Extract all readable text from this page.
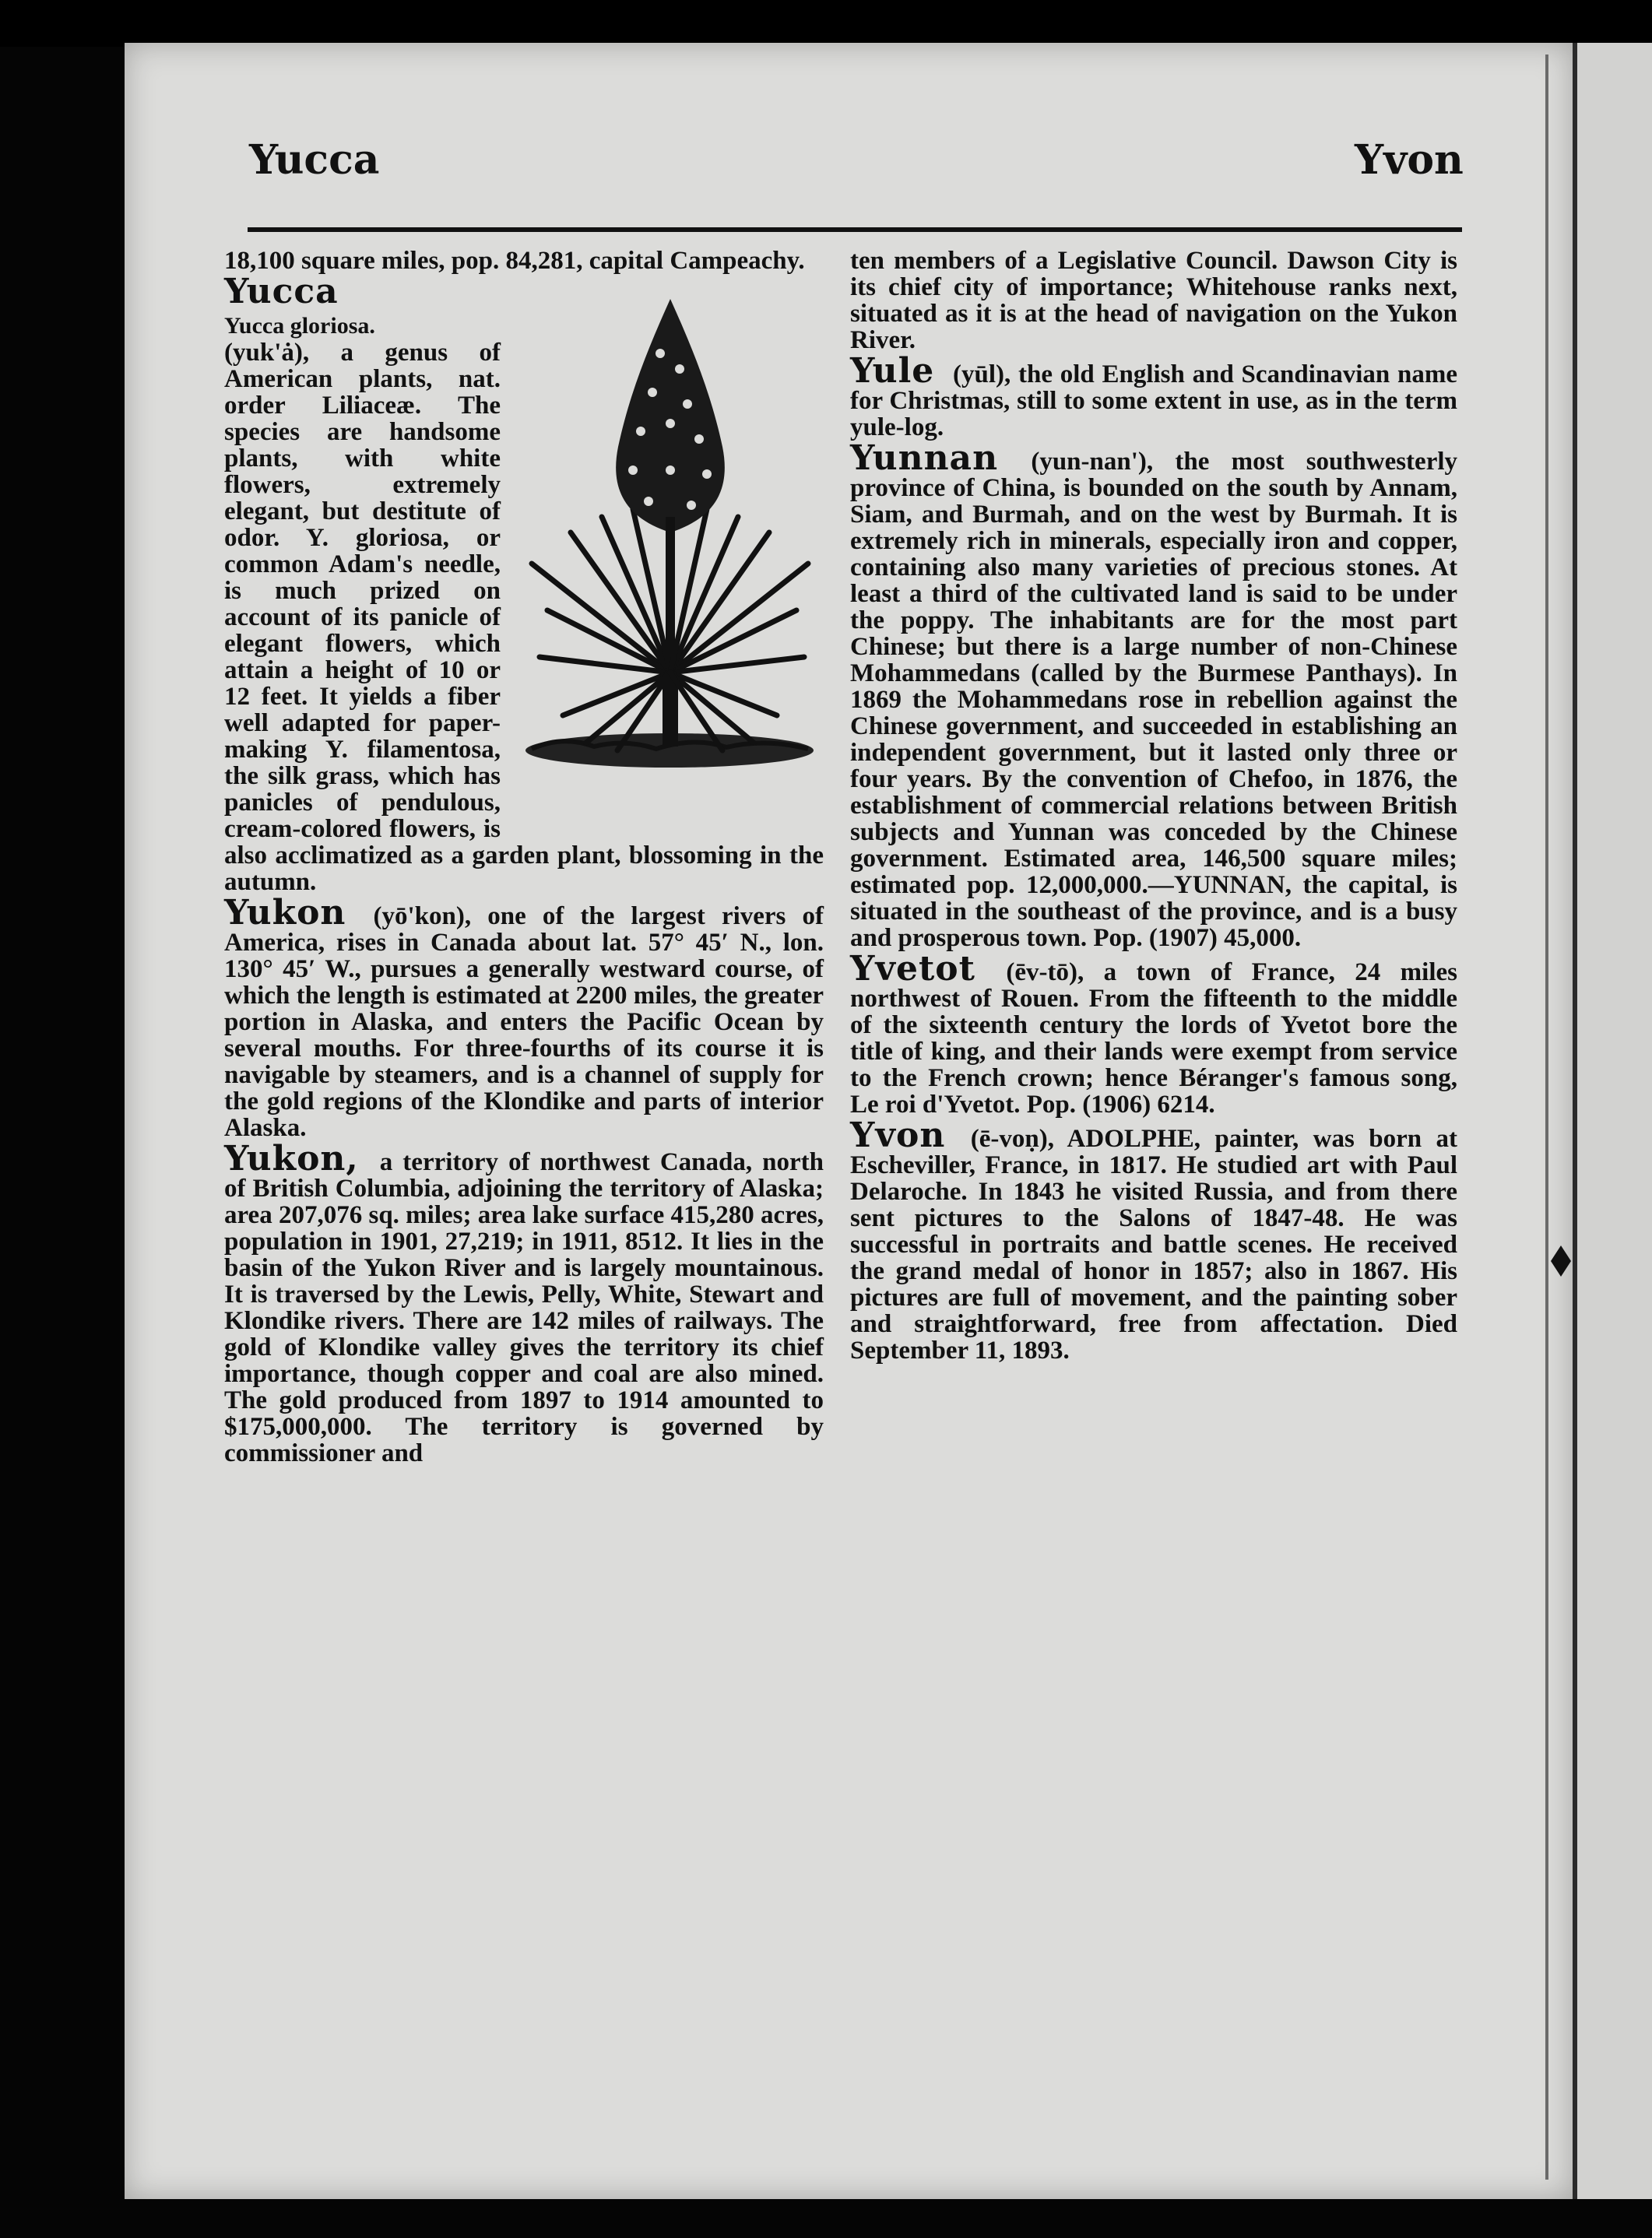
Yucca	Yvon

18,100 square miles, pop. 84,281, capital Campeachy.

Yucca

Yucca gloriosa.
(yuk'ȧ), a genus of American plants, nat. order Liliaceæ. The species are handsome plants, with white flowers, extremely elegant, but destitute of odor. Y. gloriosa, or common Adam's needle, is much prized on account of its panicle of elegant flowers, which attain a height of 10 or 12 feet. It yields a fiber well adapted for paper-making Y. filamentosa, the silk grass, which has panicles of pendulous, cream-colored flowers, is also acclimatized as a garden plant, blossoming in the autumn.

Yukon (yō'kon), one of the largest rivers of America, rises in Canada about lat. 57° 45′ N., lon. 130° 45′ W., pursues a generally westward course, of which the length is estimated at 2200 miles, the greater portion in Alaska, and enters the Pacific Ocean by several mouths. For three-fourths of its course it is navigable by steamers, and is a channel of supply for the gold regions of the Klondike and parts of interior Alaska.

Yukon, a territory of northwest Canada, north of British Columbia, adjoining the territory of Alaska; area 207,076 sq. miles; area lake surface 415,280 acres, population in 1901, 27,219; in 1911, 8512. It lies in the basin of the Yukon River and is largely mountainous. It is traversed by the Lewis, Pelly, White, Stewart and Klondike rivers. There are 142 miles of railways. The gold of Klondike valley gives the territory its chief importance, though copper and coal are also mined. The gold produced from 1897 to 1914 amounted to $175,000,000. The territory is governed by commissioner and

ten members of a Legislative Council. Dawson City is its chief city of importance; Whitehouse ranks next, situated as it is at the head of navigation on the Yukon River.

Yule (yūl), the old English and Scandinavian name for Christmas, still to some extent in use, as in the term yule-log.

Yunnan (yun-nan'), the most southwesterly province of China, is bounded on the south by Annam, Siam, and Burmah, and on the west by Burmah. It is extremely rich in minerals, especially iron and copper, containing also many varieties of precious stones. At least a third of the cultivated land is said to be under the poppy. The inhabitants are for the most part Chinese; but there is a large number of non-Chinese Mohammedans (called by the Burmese Panthays). In 1869 the Mohammedans rose in rebellion against the Chinese government, and succeeded in establishing an independent government, but it lasted only three or four years. By the convention of Chefoo, in 1876, the establishment of commercial relations between British subjects and Yunnan was conceded by the Chinese government. Estimated area, 146,500 square miles; estimated pop. 12,000,000.—YUNNAN, the capital, is situated in the southeast of the province, and is a busy and prosperous town. Pop. (1907) 45,000.

Yvetot (ēv-tō), a town of France, 24 miles northwest of Rouen. From the fifteenth to the middle of the sixteenth century the lords of Yvetot bore the title of king, and their lands were exempt from service to the French crown; hence Béranger's famous song, Le roi d'Yvetot. Pop. (1906) 6214.

Yvon (ē-voṇ), ADOLPHE, painter, was born at Escheviller, France, in 1817. He studied art with Paul Delaroche. In 1843 he visited Russia, and from there sent pictures to the Salons of 1847-48. He was successful in portraits and battle scenes. He received the grand medal of honor in 1857; also in 1867. His pictures are full of movement, and the painting sober and straightforward, free from affectation. Died September 11, 1893.
